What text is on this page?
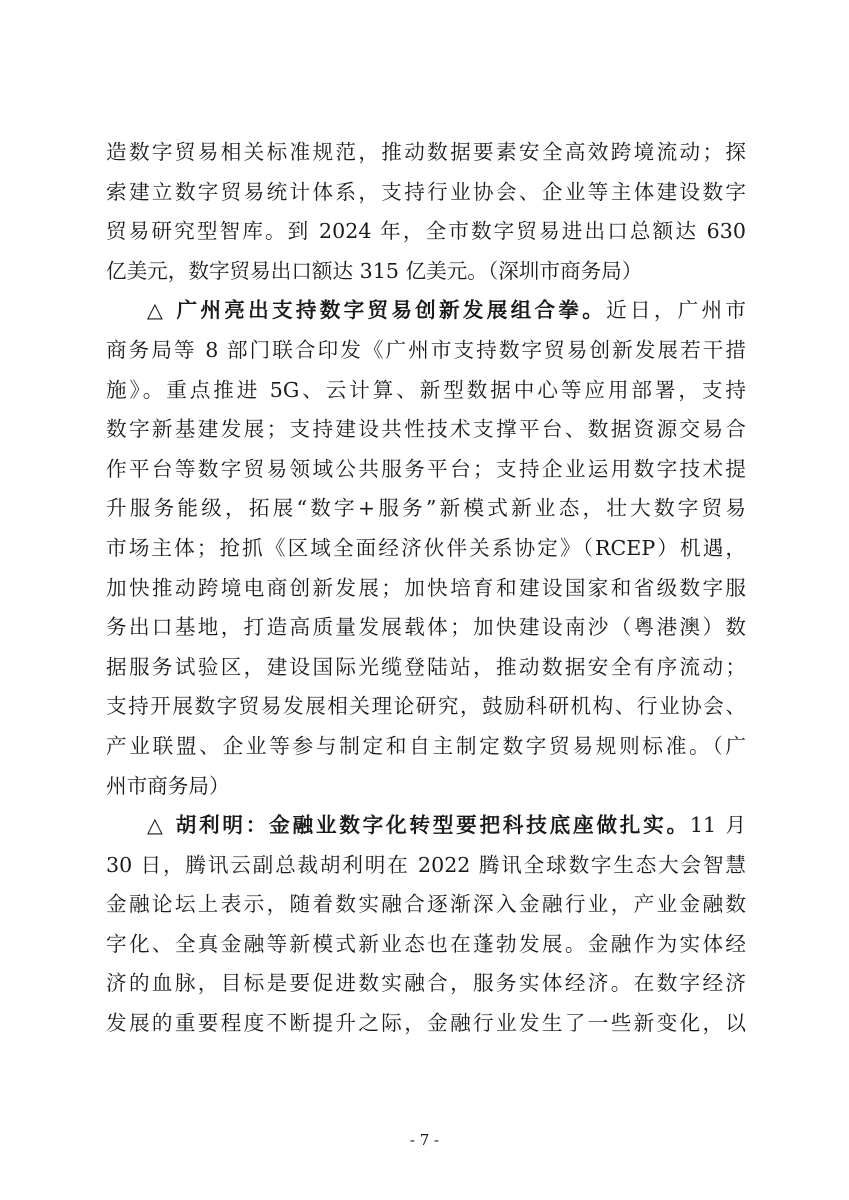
造数字贸易相关标准规范，推动数据要素安全高效跨境流动；探
索建立数字贸易统计体系，支持行业协会、企业等主体建设数字
贸易研究型智库。到 2024 年，全市数字贸易进出口总额达 630
亿美元，数字贸易出口额达 315 亿美元。（深圳市商务局）
△ 广州亮出支持数字贸易创新发展组合拳。近日，广州市
商务局等 8 部门联合印发《广州市支持数字贸易创新发展若干措
施》。重点推进 5G、云计算、新型数据中心等应用部署，支持
数字新基建发展；支持建设共性技术支撑平台、数据资源交易合
作平台等数字贸易领域公共服务平台；支持企业运用数字技术提
升服务能级，拓展“数字+服务”新模式新业态，壮大数字贸易
市场主体；抢抓《区域全面经济伙伴关系协定》（RCEP）机遇，
加快推动跨境电商创新发展；加快培育和建设国家和省级数字服
务出口基地，打造高质量发展载体；加快建设南沙（粤港澳）数
据服务试验区，建设国际光缆登陆站，推动数据安全有序流动；
支持开展数字贸易发展相关理论研究，鼓励科研机构、行业协会、
产业联盟、企业等参与制定和自主制定数字贸易规则标准。（广
州市商务局）
△ 胡利明：金融业数字化转型要把科技底座做扎实。11 月
30 日，腾讯云副总裁胡利明在 2022 腾讯全球数字生态大会智慧
金融论坛上表示，随着数实融合逐渐深入金融行业，产业金融数
字化、全真金融等新模式新业态也在蓬勃发展。金融作为实体经
济的血脉，目标是要促进数实融合，服务实体经济。在数字经济
发展的重要程度不断提升之际，金融行业发生了一些新变化，以
- 7 -
